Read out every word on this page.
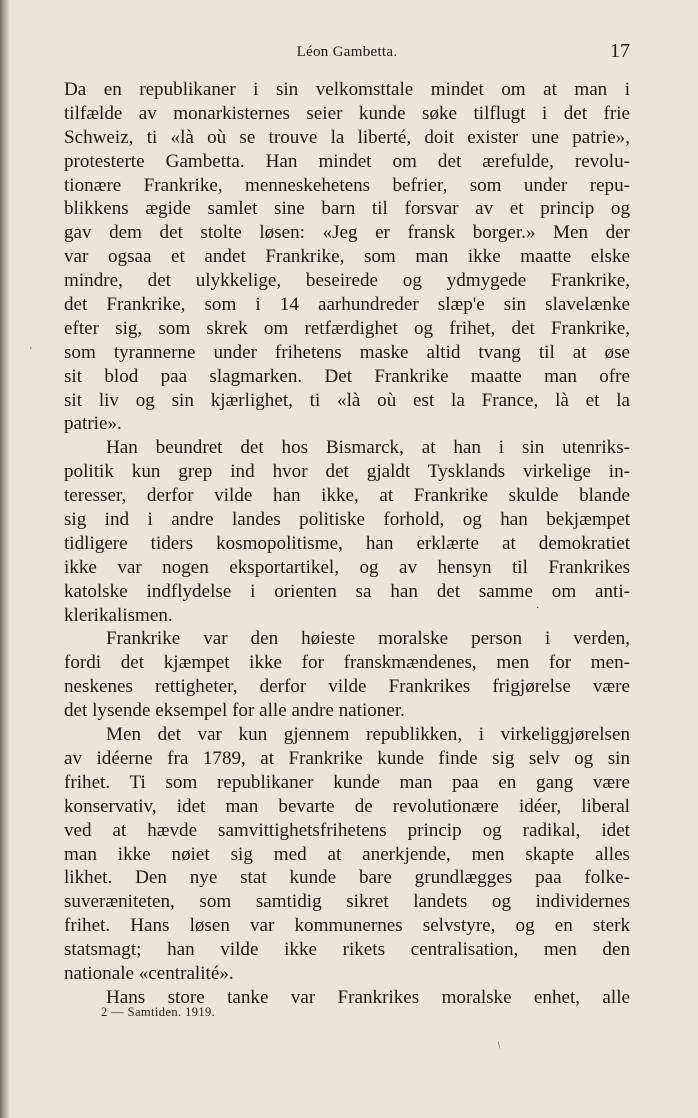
Léon Gambetta.	17
Da en republikaner i sin velkomsttale mindet om at man i
tilfælde av monarkisternes seier kunde søke tilflugt i det frie
Schweiz, ti «là où se trouve la liberté, doit exister une patrie»,
protesterte Gambetta. Han mindet om det ærefulde, revolu-
tionære Frankrike, menneskehetens befrier, som under repu-
blikkens ægide samlet sine barn til forsvar av et princip og
gav dem det stolte løsen: «Jeg er fransk borger.» Men der
var ogsaa et andet Frankrike, som man ikke maatte elske
mindre, det ulykkelige, beseirede og ydmygede Frankrike,
det Frankrike, som i 14 aarhundreder slæp'e sin slavelænke
efter sig, som skrek om retfærdighet og frihet, det Frankrike,
som tyrannerne under frihetens maske altid tvang til at øse
sit blod paa slagmarken. Det Frankrike maatte man ofre
sit liv og sin kjærlighet, ti «là où est la France, là et la
patrie».
Han beundret det hos Bismarck, at han i sin utenriks-
politik kun grep ind hvor det gjaldt Tysklands virkelige in-
teresser, derfor vilde han ikke, at Frankrike skulde blande
sig ind i andre landes politiske forhold, og han bekjæmpet
tidligere tiders kosmopolitisme, han erklærte at demokratiet
ikke var nogen eksportartikel, og av hensyn til Frankrikes
katolske indflydelse i orienten sa han det samme om anti-
klerikalismen.
Frankrike var den høieste moralske person i verden,
fordi det kjæmpet ikke for franskmændenes, men for men-
neskenes rettigheter, derfor vilde Frankrikes frigjørelse være
det lysende eksempel for alle andre nationer.
Men det var kun gjennem republikken, i virkeliggjørelsen
av idéerne fra 1789, at Frankrike kunde finde sig selv og sin
frihet. Ti som republikaner kunde man paa en gang være
konservativ, idet man bevarte de revolutionære idéer, liberal
ved at hævde samvittighetsfrihetens princip og radikal, idet
man ikke nøiet sig med at anerkjende, men skapte alles
likhet. Den nye stat kunde bare grundlægges paa folke-
suveræniteten, som samtidig sikret landets og individernes
frihet. Hans løsen var kommunernes selvstyre, og en sterk
statsmagt; han vilde ikke rikets centralisation, men den
nationale «centralité».
Hans store tanke var Frankrikes moralske enhet, alle
2 — Samtiden. 1919.
'
·
/
